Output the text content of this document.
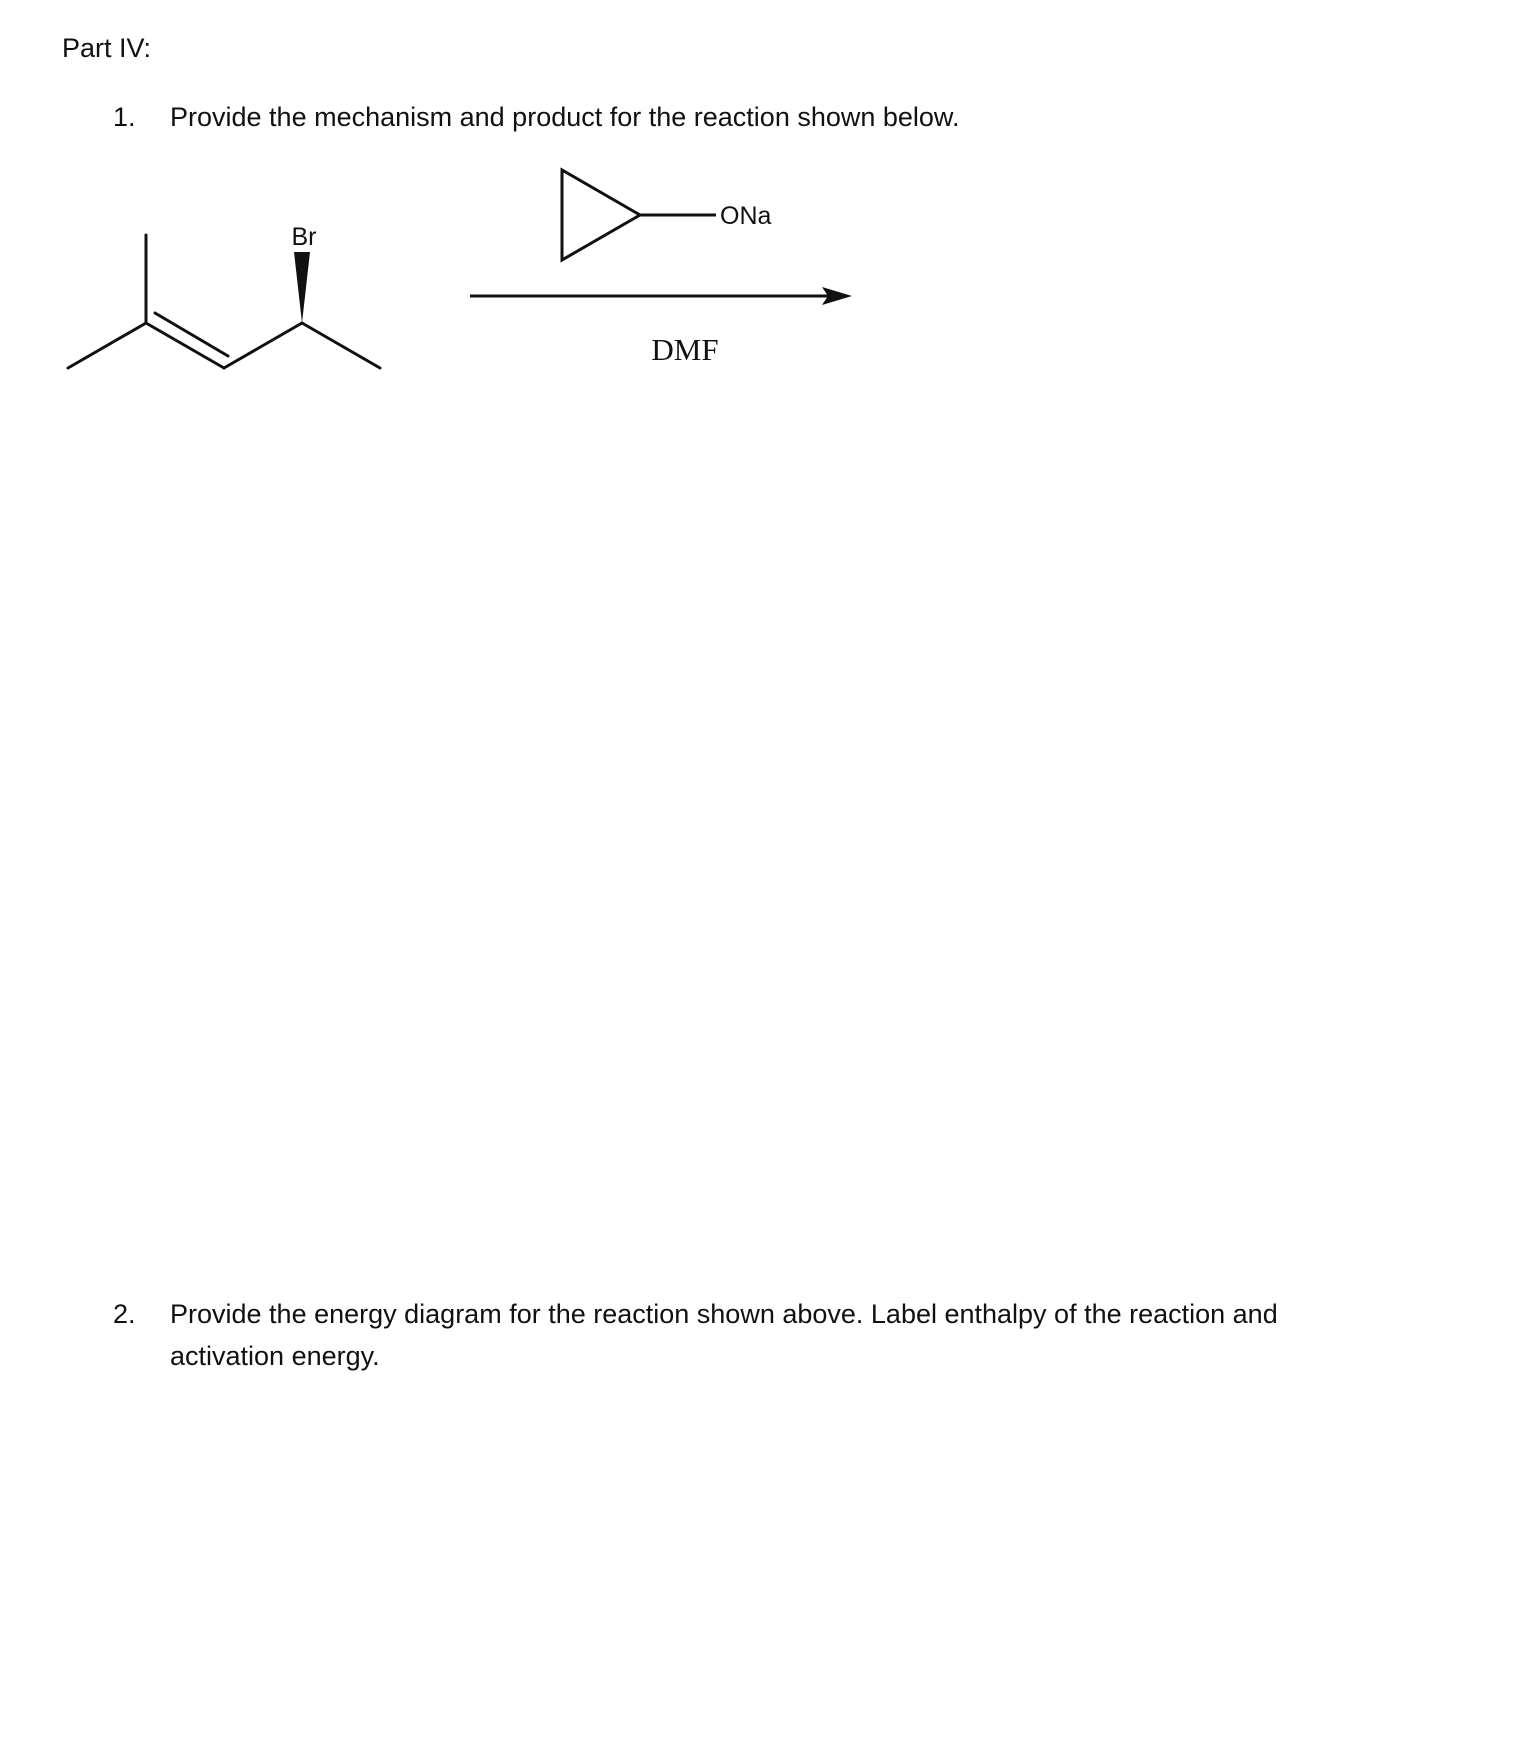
Part IV:
1. Provide the mechanism and product for the reaction shown below.
Br
ONa
DMF
2. Provide the energy diagram for the reaction shown above. Label enthalpy of the reaction and
activation energy.
